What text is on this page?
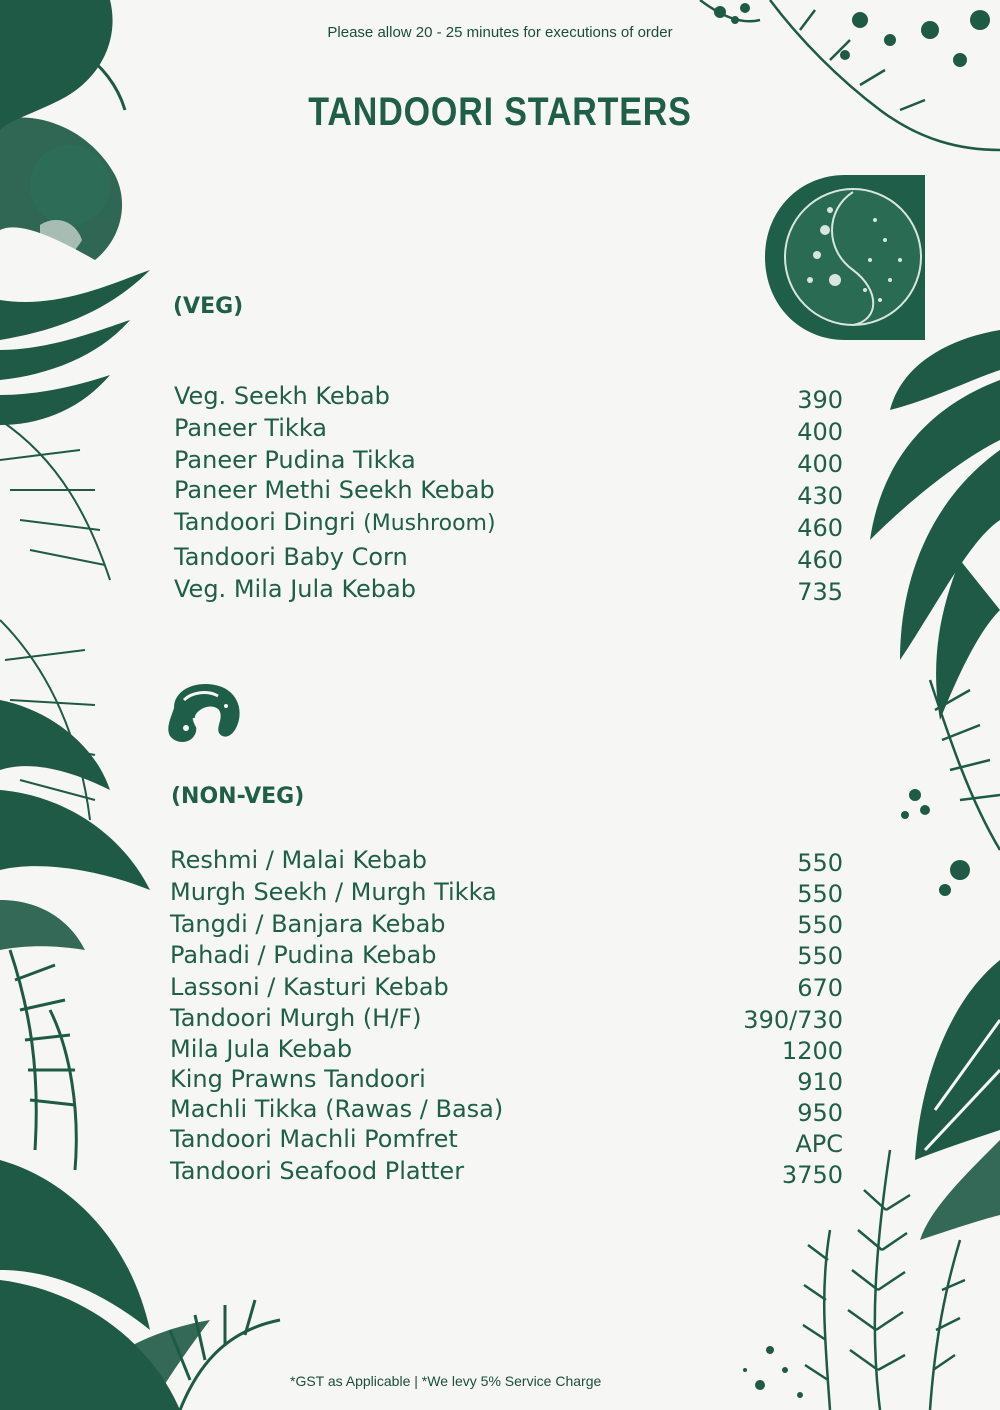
Please allow 20 - 25 minutes for executions of order
TANDOORI STARTERS
(VEG)
Veg. Seekh Kebab	390
Paneer Tikka	400
Paneer Pudina Tikka	400
Paneer Methi Seekh Kebab	430
Tandoori Dingri (Mushroom)	460
Tandoori Baby Corn	460
Veg. Mila Jula Kebab	735
(NON-VEG)
Reshmi / Malai Kebab	550
Murgh Seekh / Murgh Tikka	550
Tangdi / Banjara Kebab	550
Pahadi / Pudina Kebab	550
Lassoni / Kasturi Kebab	670
Tandoori Murgh (H/F)	390/730
Mila Jula Kebab	1200
King Prawns Tandoori	910
Machli Tikka (Rawas / Basa)	950
Tandoori Machli Pomfret	APC
Tandoori Seafood Platter	3750
*GST as Applicable | *We levy 5% Service Charge
